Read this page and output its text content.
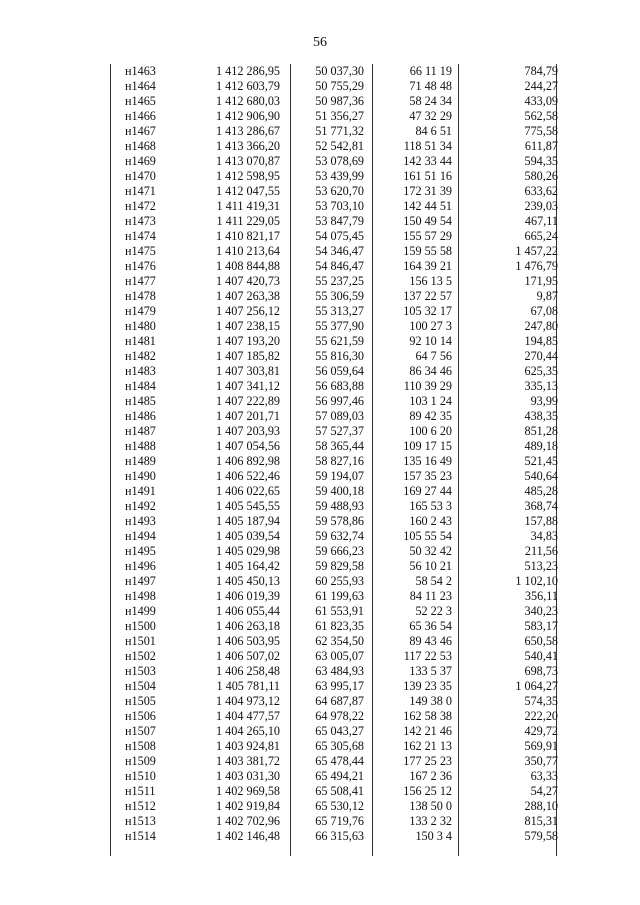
56
н1463	1 412 286,95	50 037,30	66 11 19	784,79
н1464	1 412 603,79	50 755,29	71 48 48	244,27
н1465	1 412 680,03	50 987,36	58 24 34	433,09
н1466	1 412 906,90	51 356,27	47 32 29	562,58
н1467	1 413 286,67	51 771,32	84 6 51	775,58
н1468	1 413 366,20	52 542,81	118 51 34	611,87
н1469	1 413 070,87	53 078,69	142 33 44	594,35
н1470	1 412 598,95	53 439,99	161 51 16	580,26
н1471	1 412 047,55	53 620,70	172 31 39	633,62
н1472	1 411 419,31	53 703,10	142 44 51	239,03
н1473	1 411 229,05	53 847,79	150 49 54	467,11
н1474	1 410 821,17	54 075,45	155 57 29	665,24
н1475	1 410 213,64	54 346,47	159 55 58	1 457,22
н1476	1 408 844,88	54 846,47	164 39 21	1 476,79
н1477	1 407 420,73	55 237,25	156 13 5	171,95
н1478	1 407 263,38	55 306,59	137 22 57	9,87
н1479	1 407 256,12	55 313,27	105 32 17	67,08
н1480	1 407 238,15	55 377,90	100 27 3	247,80
н1481	1 407 193,20	55 621,59	92 10 14	194,85
н1482	1 407 185,82	55 816,30	64 7 56	270,44
н1483	1 407 303,81	56 059,64	86 34 46	625,35
н1484	1 407 341,12	56 683,88	110 39 29	335,13
н1485	1 407 222,89	56 997,46	103 1 24	93,99
н1486	1 407 201,71	57 089,03	89 42 35	438,35
н1487	1 407 203,93	57 527,37	100 6 20	851,28
н1488	1 407 054,56	58 365,44	109 17 15	489,18
н1489	1 406 892,98	58 827,16	135 16 49	521,45
н1490	1 406 522,46	59 194,07	157 35 23	540,64
н1491	1 406 022,65	59 400,18	169 27 44	485,28
н1492	1 405 545,55	59 488,93	165 53 3	368,74
н1493	1 405 187,94	59 578,86	160 2 43	157,88
н1494	1 405 039,54	59 632,74	105 55 54	34,83
н1495	1 405 029,98	59 666,23	50 32 42	211,56
н1496	1 405 164,42	59 829,58	56 10 21	513,23
н1497	1 405 450,13	60 255,93	58 54 2	1 102,10
н1498	1 406 019,39	61 199,63	84 11 23	356,11
н1499	1 406 055,44	61 553,91	52 22 3	340,23
н1500	1 406 263,18	61 823,35	65 36 54	583,17
н1501	1 406 503,95	62 354,50	89 43 46	650,58
н1502	1 406 507,02	63 005,07	117 22 53	540,41
н1503	1 406 258,48	63 484,93	133 5 37	698,73
н1504	1 405 781,11	63 995,17	139 23 35	1 064,27
н1505	1 404 973,12	64 687,87	149 38 0	574,35
н1506	1 404 477,57	64 978,22	162 58 38	222,20
н1507	1 404 265,10	65 043,27	142 21 46	429,72
н1508	1 403 924,81	65 305,68	162 21 13	569,91
н1509	1 403 381,72	65 478,44	177 25 23	350,77
н1510	1 403 031,30	65 494,21	167 2 36	63,33
н1511	1 402 969,58	65 508,41	156 25 12	54,27
н1512	1 402 919,84	65 530,12	138 50 0	288,10
н1513	1 402 702,96	65 719,76	133 2 32	815,31
н1514	1 402 146,48	66 315,63	150 3 4	579,58
